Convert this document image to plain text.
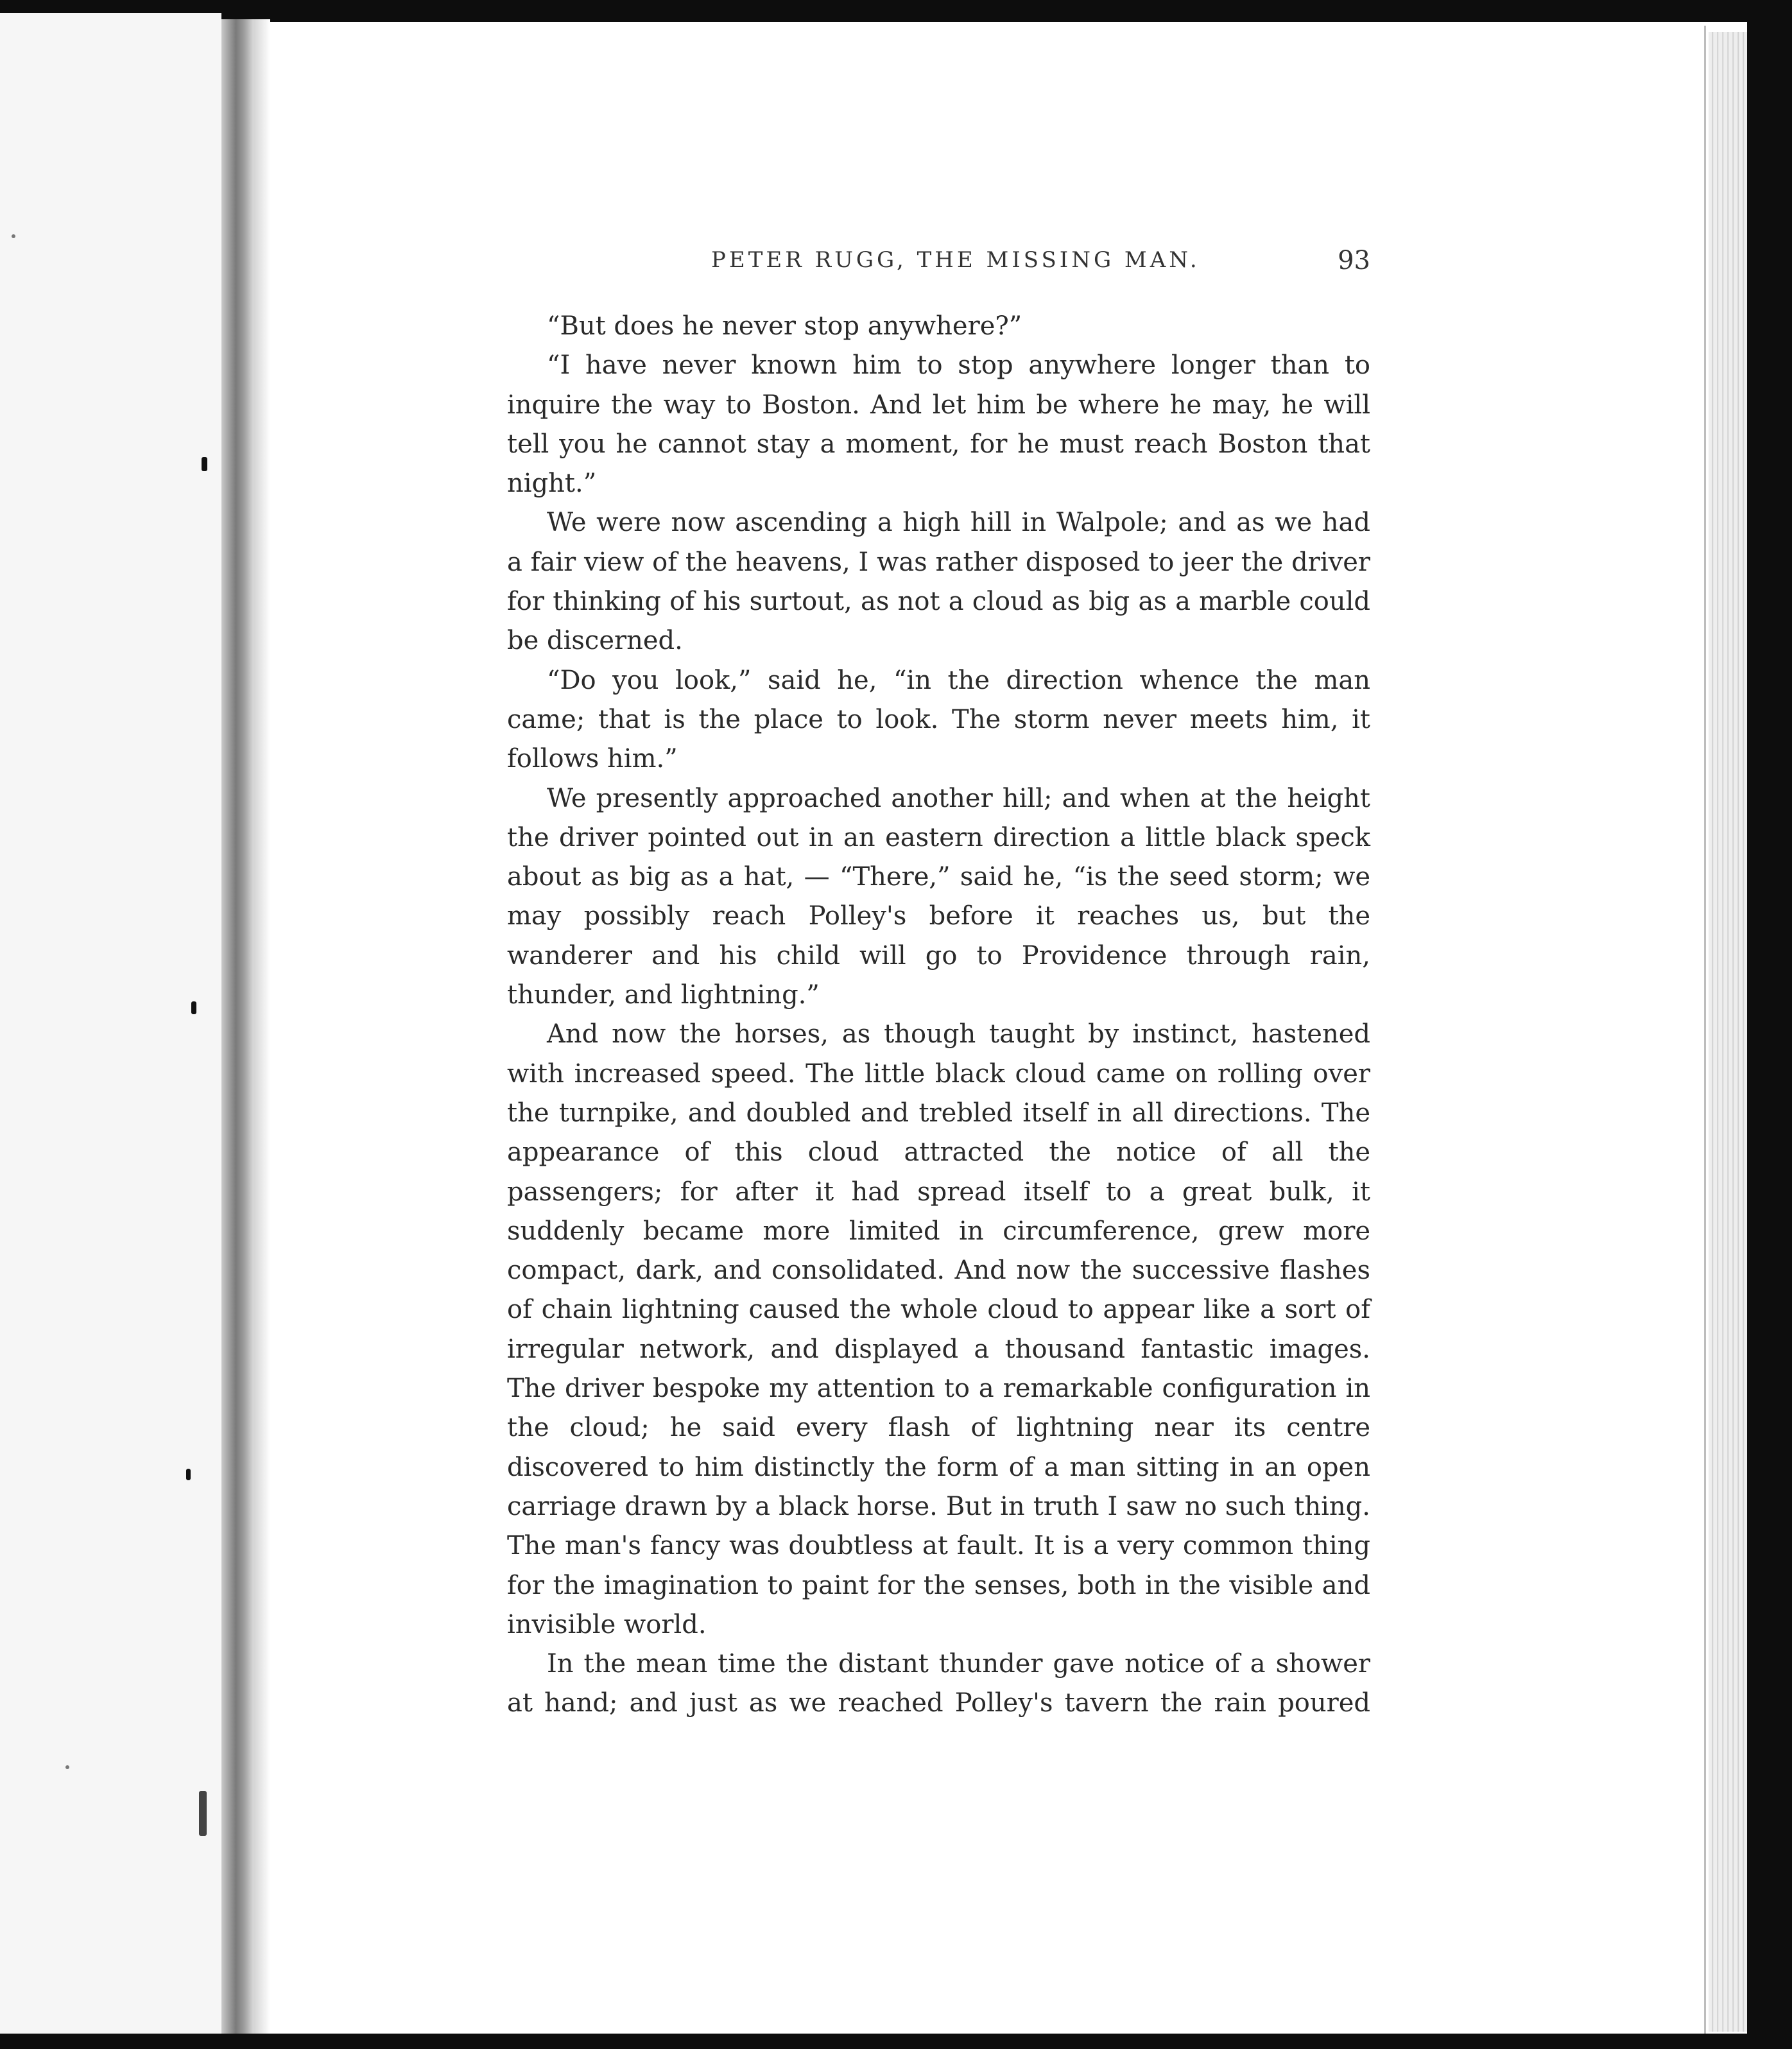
PETER RUGG, THE MISSING MAN.	93

“But does he never stop anywhere?”

“I have never known him to stop anywhere longer than to inquire the way to Boston. And let him be where he may, he will tell you he cannot stay a moment, for he must reach Boston that night.”

We were now ascending a high hill in Walpole; and as we had a fair view of the heavens, I was rather disposed to jeer the driver for thinking of his surtout, as not a cloud as big as a marble could be discerned.

“Do you look,” said he, “in the direction whence the man came; that is the place to look. The storm never meets him, it follows him.”

We presently approached another hill; and when at the height the driver pointed out in an eastern direction a little black speck about as big as a hat, — “There,” said he, “is the seed storm; we may possibly reach Polley's before it reaches us, but the wanderer and his child will go to Providence through rain, thunder, and lightning.”

And now the horses, as though taught by instinct, hastened with increased speed. The little black cloud came on rolling over the turnpike, and doubled and trebled itself in all directions. The appearance of this cloud attracted the notice of all the passengers; for after it had spread itself to a great bulk, it suddenly became more limited in circumference, grew more compact, dark, and consolidated. And now the successive flashes of chain lightning caused the whole cloud to appear like a sort of irregular network, and displayed a thousand fantastic images. The driver bespoke my attention to a remarkable configuration in the cloud; he said every flash of lightning near its centre discovered to him distinctly the form of a man sitting in an open carriage drawn by a black horse. But in truth I saw no such thing. The man's fancy was doubtless at fault. It is a very common thing for the imagination to paint for the senses, both in the visible and invisible world.

In the mean time the distant thunder gave notice of a shower at hand; and just as we reached Polley's tavern the rain poured
